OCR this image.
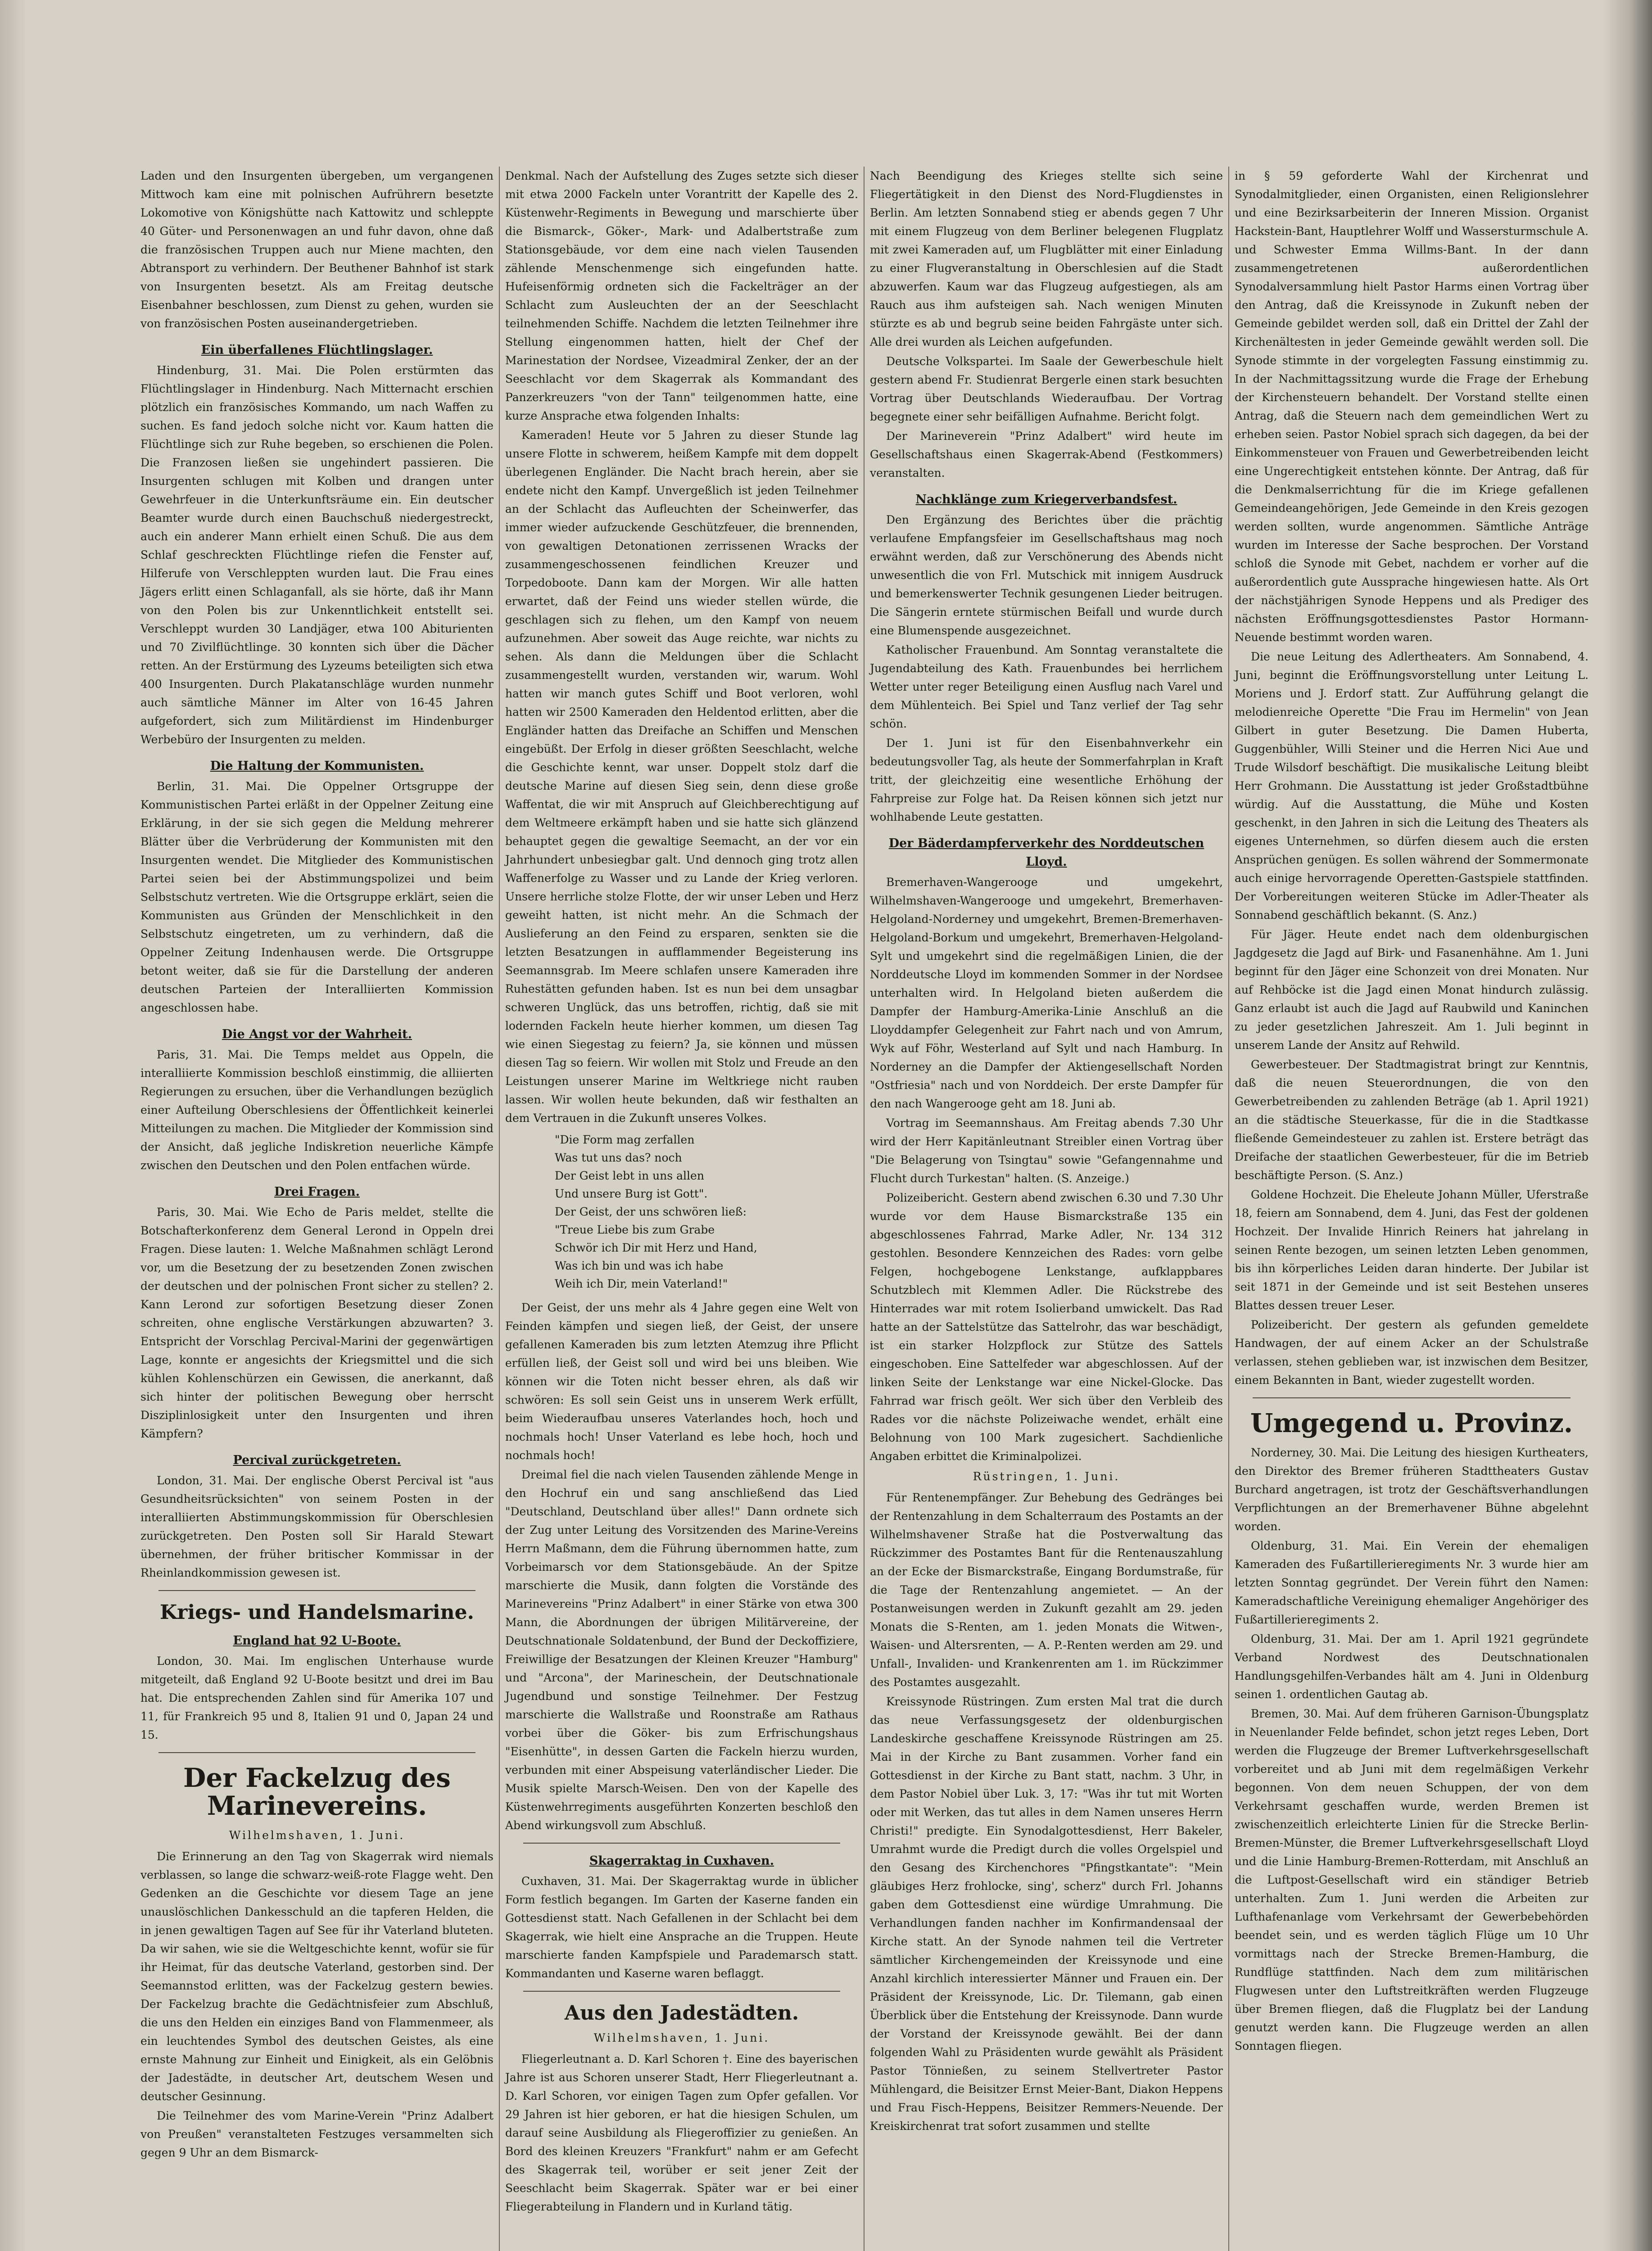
Laden und den Insurgenten übergeben, um vergangenen Mittwoch kam eine mit polnischen Aufrührern besetzte Lokomotive von Königshütte nach Kattowitz und schleppte 40 Güter- und Personenwagen an und fuhr davon, ohne daß die französischen Truppen auch nur Miene machten, den Abtransport zu verhindern. Der Beuthener Bahnhof ist stark von Insurgenten besetzt. Als am Freitag deutsche Eisenbahner beschlossen, zum Dienst zu gehen, wurden sie von französischen Posten auseinandergetrieben.

Ein überfallenes Flüchtlingslager.

Hindenburg, 31. Mai. Die Polen erstürmten das Flüchtlingslager in Hindenburg. Nach Mitternacht erschien plötzlich ein französisches Kommando, um nach Waffen zu suchen. Es fand jedoch solche nicht vor. Kaum hatten die Flüchtlinge sich zur Ruhe begeben, so erschienen die Polen. Die Franzosen ließen sie ungehindert passieren. Die Insurgenten schlugen mit Kolben und drangen unter Gewehrfeuer in die Unterkunftsräume ein. Ein deutscher Beamter wurde durch einen Bauchschuß niedergestreckt, auch ein anderer Mann erhielt einen Schuß. Die aus dem Schlaf geschreckten Flüchtlinge riefen die Fenster auf, Hilferufe von Verschleppten wurden laut. Die Frau eines Jägers erlitt einen Schlaganfall, als sie hörte, daß ihr Mann von den Polen bis zur Unkenntlichkeit entstellt sei. Verschleppt wurden 30 Landjäger, etwa 100 Abiturienten und 70 Zivilflüchtlinge. 30 konnten sich über die Dächer retten. An der Erstürmung des Lyzeums beteiligten sich etwa 400 Insurgenten. Durch Plakatanschläge wurden nunmehr auch sämtliche Männer im Alter von 16-45 Jahren aufgefordert, sich zum Militärdienst im Hindenburger Werbebüro der Insurgenten zu melden.

Die Haltung der Kommunisten.

Berlin, 31. Mai. Die Oppelner Ortsgruppe der Kommunistischen Partei erläßt in der Oppelner Zeitung eine Erklärung, in der sie sich gegen die Meldung mehrerer Blätter über die Verbrüderung der Kommunisten mit den Insurgenten wendet. Die Mitglieder des Kommunistischen Partei seien bei der Abstimmungspolizei und beim Selbstschutz vertreten. Wie die Ortsgruppe erklärt, seien die Kommunisten aus Gründen der Menschlichkeit in den Selbstschutz eingetreten, um zu verhindern, daß die Oppelner Zeitung Indenhausen werde. Die Ortsgruppe betont weiter, daß sie für die Darstellung der anderen deutschen Parteien der Interalliierten Kommission angeschlossen habe.

Die Angst vor der Wahrheit.

Paris, 31. Mai. Die Temps meldet aus Oppeln, die interalliierte Kommission beschloß einstimmig, die alliierten Regierungen zu ersuchen, über die Verhandlungen bezüglich einer Aufteilung Oberschlesiens der Öffentlichkeit keinerlei Mitteilungen zu machen. Die Mitglieder der Kommission sind der Ansicht, daß jegliche Indiskretion neuerliche Kämpfe zwischen den Deutschen und den Polen entfachen würde.

Drei Fragen.

Paris, 30. Mai. Wie Echo de Paris meldet, stellte die Botschafterkonferenz dem General Lerond in Oppeln drei Fragen. Diese lauten: 1. Welche Maßnahmen schlägt Lerond vor, um die Besetzung der zu besetzenden Zonen zwischen der deutschen und der polnischen Front sicher zu stellen? 2. Kann Lerond zur sofortigen Besetzung dieser Zonen schreiten, ohne englische Verstärkungen abzuwarten? 3. Entspricht der Vorschlag Percival-Marini der gegenwärtigen Lage, konnte er angesichts der Kriegsmittel und die sich kühlen Kohlenschürzen ein Gewissen, die anerkannt, daß sich hinter der politischen Bewegung ober herrscht Disziplinlosigkeit unter den Insurgenten und ihren Kämpfern?

Percival zurückgetreten.

London, 31. Mai. Der englische Oberst Percival ist "aus Gesundheitsrücksichten" von seinem Posten in der interalliierten Abstimmungskommission für Oberschlesien zurückgetreten. Den Posten soll Sir Harald Stewart übernehmen, der früher britischer Kommissar in der Rheinlandkommission gewesen ist.

Kriegs- und Handelsmarine.
England hat 92 U-Boote.

London, 30. Mai. Im englischen Unterhause wurde mitgeteilt, daß England 92 U-Boote besitzt und drei im Bau hat. Die entsprechenden Zahlen sind für Amerika 107 und 11, für Frankreich 95 und 8, Italien 91 und 0, Japan 24 und 15.

Der Fackelzug des Marinevereins.
Wilhelmshaven, 1. Juni.

Die Erinnerung an den Tag von Skagerrak wird niemals verblassen, so lange die schwarz-weiß-rote Flagge weht. Den Gedenken an die Geschichte vor diesem Tage an jene unauslöschlichen Dankesschuld an die tapferen Helden, die in jenen gewaltigen Tagen auf See für ihr Vaterland bluteten. Da wir sahen, wie sie die Weltgeschichte kennt, wofür sie für ihr Heimat, für das deutsche Vaterland, gestorben sind. Der Seemannstod erlitten, was der Fackelzug gestern bewies. Der Fackelzug brachte die Gedächtnisfeier zum Abschluß, die uns den Helden ein einziges Band von Flammenmeer, als ein leuchtendes Symbol des deutschen Geistes, als eine ernste Mahnung zur Einheit und Einigkeit, als ein Gelöbnis der Jadestädte, in deutscher Art, deutschem Wesen und deutscher Gesinnung.

Die Teilnehmer des vom Marine-Verein "Prinz Adalbert von Preußen" veranstalteten Festzuges versammelten sich gegen 9 Uhr an dem Bismarck-

Denkmal. Nach der Aufstellung des Zuges setzte sich dieser mit etwa 2000 Fackeln unter Vorantritt der Kapelle des 2. Küstenwehr-Regiments in Bewegung und marschierte über die Bismarck-, Göker-, Mark- und Adalbertstraße zum Stationsgebäude, vor dem eine nach vielen Tausenden zählende Menschenmenge sich eingefunden hatte. Hufeisenförmig ordneten sich die Fackelträger an der Schlacht zum Ausleuchten der an der Seeschlacht teilnehmenden Schiffe. Nachdem die letzten Teilnehmer ihre Stellung eingenommen hatten, hielt der Chef der Marinestation der Nordsee, Vizeadmiral Zenker, der an der Seeschlacht vor dem Skagerrak als Kommandant des Panzerkreuzers "von der Tann" teilgenommen hatte, eine kurze Ansprache etwa folgenden Inhalts:

Kameraden! Heute vor 5 Jahren zu dieser Stunde lag unsere Flotte in schwerem, heißem Kampfe mit dem doppelt überlegenen Engländer. Die Nacht brach herein, aber sie endete nicht den Kampf. Unvergeßlich ist jeden Teilnehmer an der Schlacht das Aufleuchten der Scheinwerfer, das immer wieder aufzuckende Geschützfeuer, die brennenden, von gewaltigen Detonationen zerrissenen Wracks der zusammengeschossenen feindlichen Kreuzer und Torpedoboote. Dann kam der Morgen. Wir alle hatten erwartet, daß der Feind uns wieder stellen würde, die geschlagen sich zu flehen, um den Kampf von neuem aufzunehmen. Aber soweit das Auge reichte, war nichts zu sehen. Als dann die Meldungen über die Schlacht zusammengestellt wurden, verstanden wir, warum. Wohl hatten wir manch gutes Schiff und Boot verloren, wohl hatten wir 2500 Kameraden den Heldentod erlitten, aber die Engländer hatten das Dreifache an Schiffen und Menschen eingebüßt. Der Erfolg in dieser größten Seeschlacht, welche die Geschichte kennt, war unser. Doppelt stolz darf die deutsche Marine auf diesen Sieg sein, denn diese große Waffentat, die wir mit Anspruch auf Gleichberechtigung auf dem Weltmeere erkämpft haben und sie hatte sich glänzend behauptet gegen die gewaltige Seemacht, an der vor ein Jahrhundert unbesiegbar galt. Und dennoch ging trotz allen Waffenerfolge zu Wasser und zu Lande der Krieg verloren. Unsere herrliche stolze Flotte, der wir unser Leben und Herz geweiht hatten, ist nicht mehr. An die Schmach der Auslieferung an den Feind zu ersparen, senkten sie die letzten Besatzungen in aufflammender Begeisterung ins Seemannsgrab. Im Meere schlafen unsere Kameraden ihre Ruhestätten gefunden haben. Ist es nun bei dem unsagbar schweren Unglück, das uns betroffen, richtig, daß sie mit lodernden Fackeln heute hierher kommen, um diesen Tag wie einen Siegestag zu feiern? Ja, sie können und müssen diesen Tag so feiern. Wir wollen mit Stolz und Freude an den Leistungen unserer Marine im Weltkriege nicht rauben lassen. Wir wollen heute bekunden, daß wir festhalten an dem Vertrauen in die Zukunft unseres Volkes.

"Die Form mag zerfallen
Was tut uns das? noch
Der Geist lebt in uns allen
Und unsere Burg ist Gott".
Der Geist, der uns schwören ließ:
"Treue Liebe bis zum Grabe
Schwör ich Dir mit Herz und Hand,
Was ich bin und was ich habe
Weih ich Dir, mein Vaterland!"

Der Geist, der uns mehr als 4 Jahre gegen eine Welt von Feinden kämpfen und siegen ließ, der Geist, der unsere gefallenen Kameraden bis zum letzten Atemzug ihre Pflicht erfüllen ließ, der Geist soll und wird bei uns bleiben. Wie können wir die Toten nicht besser ehren, als daß wir schwören: Es soll sein Geist uns in unserem Werk erfüllt, beim Wiederaufbau unseres Vaterlandes hoch, hoch und nochmals hoch! Unser Vaterland es lebe hoch, hoch und nochmals hoch!

Dreimal fiel die nach vielen Tausenden zählende Menge in den Hochruf ein und sang anschließend das Lied "Deutschland, Deutschland über alles!" Dann ordnete sich der Zug unter Leitung des Vorsitzenden des Marine-Vereins Herrn Maßmann, dem die Führung übernommen hatte, zum Vorbeimarsch vor dem Stationsgebäude. An der Spitze marschierte die Musik, dann folgten die Vorstände des Marinevereins "Prinz Adalbert" in einer Stärke von etwa 300 Mann, die Abordnungen der übrigen Militärvereine, der Deutschnationale Soldatenbund, der Bund der Deckoffiziere, Freiwillige der Besatzungen der Kleinen Kreuzer "Hamburg" und "Arcona", der Marineschein, der Deutschnationale Jugendbund und sonstige Teilnehmer. Der Festzug marschierte die Wallstraße und Roonstraße am Rathaus vorbei über die Göker- bis zum Erfrischungshaus "Eisenhütte", in dessen Garten die Fackeln hierzu wurden, verbunden mit einer Abspeisung vaterländischer Lieder. Die Musik spielte Marsch-Weisen. Den von der Kapelle des Küstenwehrregiments ausgeführten Konzerten beschloß den Abend wirkungsvoll zum Abschluß.

Skagerraktag in Cuxhaven.

Cuxhaven, 31. Mai. Der Skagerraktag wurde in üblicher Form festlich begangen. Im Garten der Kaserne fanden ein Gottesdienst statt. Nach Gefallenen in der Schlacht bei dem Skagerrak, wie hielt eine Ansprache an die Truppen. Heute marschierte fanden Kampfspiele und Parademarsch statt. Kommandanten und Kaserne waren beflaggt.

Aus den Jadestädten.
Wilhelmshaven, 1. Juni.

Fliegerleutnant a. D. Karl Schoren †. Eine des bayerischen Jahre ist aus Schoren unserer Stadt, Herr Fliegerleutnant a. D. Karl Schoren, vor einigen Tagen zum Opfer gefallen. Vor 29 Jahren ist hier geboren, er hat die hiesigen Schulen, um darauf seine Ausbildung als Fliegeroffizier zu genießen. An Bord des kleinen Kreuzers "Frankfurt" nahm er am Gefecht des Skagerrak teil, worüber er seit jener Zeit der Seeschlacht beim Skagerrak. Später war er bei einer Fliegerabteilung in Flandern und in Kurland tätig.

Nach Beendigung des Krieges stellte sich seine Fliegertätigkeit in den Dienst des Nord-Flugdienstes in Berlin. Am letzten Sonnabend stieg er abends gegen 7 Uhr mit einem Flugzeug von dem Berliner belegenen Flugplatz mit zwei Kameraden auf, um Flugblätter mit einer Einladung zu einer Flugveranstaltung in Oberschlesien auf die Stadt abzuwerfen. Kaum war das Flugzeug aufgestiegen, als am Rauch aus ihm aufsteigen sah. Nach wenigen Minuten stürzte es ab und begrub seine beiden Fahrgäste unter sich. Alle drei wurden als Leichen aufgefunden.

Deutsche Volkspartei. Im Saale der Gewerbeschule hielt gestern abend Fr. Studienrat Bergerle einen stark besuchten Vortrag über Deutschlands Wiederaufbau. Der Vortrag begegnete einer sehr beifälligen Aufnahme. Bericht folgt.

Der Marineverein "Prinz Adalbert" wird heute im Gesellschaftshaus einen Skagerrak-Abend (Festkommers) veranstalten.

Nachklänge zum Kriegerverbandsfest.

Den Ergänzung des Berichtes über die prächtig verlaufene Empfangsfeier im Gesellschaftshaus mag noch erwähnt werden, daß zur Verschönerung des Abends nicht unwesentlich die von Frl. Mutschick mit innigem Ausdruck und bemerkenswerter Technik gesungenen Lieder beitrugen. Die Sängerin erntete stürmischen Beifall und wurde durch eine Blumenspende ausgezeichnet.

Katholischer Frauenbund. Am Sonntag veranstaltete die Jugendabteilung des Kath. Frauenbundes bei herrlichem Wetter unter reger Beteiligung einen Ausflug nach Varel und dem Mühlenteich. Bei Spiel und Tanz verlief der Tag sehr schön.

Der 1. Juni ist für den Eisenbahnverkehr ein bedeutungsvoller Tag, als heute der Sommerfahrplan in Kraft tritt, der gleichzeitig eine wesentliche Erhöhung der Fahrpreise zur Folge hat. Da Reisen können sich jetzt nur wohlhabende Leute gestatten.

Der Bäderdampferverkehr des Norddeutschen Lloyd.

Bremerhaven-Wangerooge und umgekehrt, Wilhelmshaven-Wangerooge und umgekehrt, Bremerhaven-Helgoland-Norderney und umgekehrt, Bremen-Bremerhaven-Helgoland-Borkum und umgekehrt, Bremerhaven-Helgoland-Sylt und umgekehrt sind die regelmäßigen Linien, die der Norddeutsche Lloyd im kommenden Sommer in der Nordsee unterhalten wird. In Helgoland bieten außerdem die Dampfer der Hamburg-Amerika-Linie Anschluß an die Lloyddampfer Gelegenheit zur Fahrt nach und von Amrum, Wyk auf Föhr, Westerland auf Sylt und nach Hamburg. In Norderney an die Dampfer der Aktiengesellschaft Norden "Ostfriesia" nach und von Norddeich. Der erste Dampfer für den nach Wangerooge geht am 18. Juni ab.

Vortrag im Seemannshaus. Am Freitag abends 7.30 Uhr wird der Herr Kapitänleutnant Streibler einen Vortrag über "Die Belagerung von Tsingtau" sowie "Gefangennahme und Flucht durch Turkestan" halten. (S. Anzeige.)

Polizeibericht. Gestern abend zwischen 6.30 und 7.30 Uhr wurde vor dem Hause Bismarckstraße 135 ein abgeschlossenes Fahrrad, Marke Adler, Nr. 134 312 gestohlen. Besondere Kennzeichen des Rades: vorn gelbe Felgen, hochgebogene Lenkstange, aufklappbares Schutzblech mit Klemmen Adler. Die Rückstrebe des Hinterrades war mit rotem Isolierband umwickelt. Das Rad hatte an der Sattelstütze das Sattelrohr, das war beschädigt, ist ein starker Holzpflock zur Stütze des Sattels eingeschoben. Eine Sattelfeder war abgeschlossen. Auf der linken Seite der Lenkstange war eine Nickel-Glocke. Das Fahrrad war frisch geölt. Wer sich über den Verbleib des Rades vor die nächste Polizeiwache wendet, erhält eine Belohnung von 100 Mark zugesichert. Sachdienliche Angaben erbittet die Kriminalpolizei.

Rüstringen, 1. Juni.

Für Rentenempfänger. Zur Behebung des Gedränges bei der Rentenzahlung in dem Schalterraum des Postamts an der Wilhelmshavener Straße hat die Postverwaltung das Rückzimmer des Postamtes Bant für die Rentenauszahlung an der Ecke der Bismarckstraße, Eingang Bordumstraße, für die Tage der Rentenzahlung angemietet. — An der Postanweisungen werden in Zukunft gezahlt am 29. jeden Monats die S-Renten, am 1. jeden Monats die Witwen-, Waisen- und Altersrenten, — A. P.-Renten werden am 29. und Unfall-, Invaliden- und Krankenrenten am 1. im Rückzimmer des Postamtes ausgezahlt.

Kreissynode Rüstringen. Zum ersten Mal trat die durch das neue Verfassungsgesetz der oldenburgischen Landeskirche geschaffene Kreissynode Rüstringen am 25. Mai in der Kirche zu Bant zusammen. Vorher fand ein Gottesdienst in der Kirche zu Bant statt, nachm. 3 Uhr, in dem Pastor Nobiel über Luk. 3, 17: "Was ihr tut mit Worten oder mit Werken, das tut alles in dem Namen unseres Herrn Christi!" predigte. Ein Synodalgottesdienst, Herr Bakeler, Umrahmt wurde die Predigt durch die volles Orgelspiel und den Gesang des Kirchenchores "Pfingstkantate": "Mein gläubiges Herz frohlocke, sing', scherz" durch Frl. Johanns gaben dem Gottesdienst eine würdige Umrahmung. Die Verhandlungen fanden nachher im Konfirmandensaal der Kirche statt. An der Synode nahmen teil die Vertreter sämtlicher Kirchengemeinden der Kreissynode und eine Anzahl kirchlich interessierter Männer und Frauen ein. Der Präsident der Kreissynode, Lic. Dr. Tilemann, gab einen Überblick über die Entstehung der Kreissynode. Dann wurde der Vorstand der Kreissynode gewählt. Bei der dann folgenden Wahl zu Präsidenten wurde gewählt als Präsident Pastor Tönnießen, zu seinem Stellvertreter Pastor Mühlengard, die Beisitzer Ernst Meier-Bant, Diakon Heppens und Frau Fisch-Heppens, Beisitzer Remmers-Neuende. Der Kreiskirchenrat trat sofort zusammen und stellte

in § 59 geforderte Wahl der Kirchenrat und Synodalmitglieder, einen Organisten, einen Religionslehrer und eine Bezirksarbeiterin der Inneren Mission. Organist Hackstein-Bant, Hauptlehrer Wolff und Wassersturmschule A. und Schwester Emma Willms-Bant. In der dann zusammengetretenen außerordentlichen Synodalversammlung hielt Pastor Harms einen Vortrag über den Antrag, daß die Kreissynode in Zukunft neben der Gemeinde gebildet werden soll, daß ein Drittel der Zahl der Kirchenältesten in jeder Gemeinde gewählt werden soll. Die Synode stimmte in der vorgelegten Fassung einstimmig zu. In der Nachmittagssitzung wurde die Frage der Erhebung der Kirchensteuern behandelt. Der Vorstand stellte einen Antrag, daß die Steuern nach dem gemeindlichen Wert zu erheben seien. Pastor Nobiel sprach sich dagegen, da bei der Einkommensteuer von Frauen und Gewerbetreibenden leicht eine Ungerechtigkeit entstehen könnte. Der Antrag, daß für die Denkmalserrichtung für die im Kriege gefallenen Gemeindeangehörigen, Jede Gemeinde in den Kreis gezogen werden sollten, wurde angenommen. Sämtliche Anträge wurden im Interesse der Sache besprochen. Der Vorstand schloß die Synode mit Gebet, nachdem er vorher auf die außerordentlich gute Aussprache hingewiesen hatte. Als Ort der nächstjährigen Synode Heppens und als Prediger des nächsten Eröffnungsgottesdienstes Pastor Hormann-Neuende bestimmt worden waren.

Die neue Leitung des Adlertheaters. Am Sonnabend, 4. Juni, beginnt die Eröffnungsvorstellung unter Leitung L. Moriens und J. Erdorf statt. Zur Aufführung gelangt die melodienreiche Operette "Die Frau im Hermelin" von Jean Gilbert in guter Besetzung. Die Damen Huberta, Guggenbühler, Willi Steiner und die Herren Nici Aue und Trude Wilsdorf beschäftigt. Die musikalische Leitung bleibt Herr Grohmann. Die Ausstattung ist jeder Großstadtbühne würdig. Auf die Ausstattung, die Mühe und Kosten geschenkt, in den Jahren in sich die Leitung des Theaters als eigenes Unternehmen, so dürfen diesem auch die ersten Ansprüchen genügen. Es sollen während der Sommermonate auch einige hervorragende Operetten-Gastspiele stattfinden. Der Vorbereitungen weiteren Stücke im Adler-Theater als Sonnabend geschäftlich bekannt. (S. Anz.)

Für Jäger. Heute endet nach dem oldenburgischen Jagdgesetz die Jagd auf Birk- und Fasanenhähne. Am 1. Juni beginnt für den Jäger eine Schonzeit von drei Monaten. Nur auf Rehböcke ist die Jagd einen Monat hindurch zulässig. Ganz erlaubt ist auch die Jagd auf Raubwild und Kaninchen zu jeder gesetzlichen Jahreszeit. Am 1. Juli beginnt in unserem Lande der Ansitz auf Rehwild.

Gewerbesteuer. Der Stadtmagistrat bringt zur Kenntnis, daß die neuen Steuerordnungen, die von den Gewerbetreibenden zu zahlenden Beträge (ab 1. April 1921) an die städtische Steuerkasse, für die in die Stadtkasse fließende Gemeindesteuer zu zahlen ist. Erstere beträgt das Dreifache der staatlichen Gewerbesteuer, für die im Betrieb beschäftigte Person. (S. Anz.)

Goldene Hochzeit. Die Eheleute Johann Müller, Uferstraße 18, feiern am Sonnabend, dem 4. Juni, das Fest der goldenen Hochzeit. Der Invalide Hinrich Reiners hat jahrelang in seinen Rente bezogen, um seinen letzten Leben genommen, bis ihn körperliches Leiden daran hinderte. Der Jubilar ist seit 1871 in der Gemeinde und ist seit Bestehen unseres Blattes dessen treuer Leser.

Polizeibericht. Der gestern als gefunden gemeldete Handwagen, der auf einem Acker an der Schulstraße verlassen, stehen geblieben war, ist inzwischen dem Besitzer, einem Bekannten in Bant, wieder zugestellt worden.

Umgegend u. Provinz.

Norderney, 30. Mai. Die Leitung des hiesigen Kurtheaters, den Direktor des Bremer früheren Stadttheaters Gustav Burchard angetragen, ist trotz der Geschäftsverhandlungen Verpflichtungen an der Bremerhavener Bühne abgelehnt worden.

Oldenburg, 31. Mai. Ein Verein der ehemaligen Kameraden des Fußartillerieregiments Nr. 3 wurde hier am letzten Sonntag gegründet. Der Verein führt den Namen: Kameradschaftliche Vereinigung ehemaliger Angehöriger des Fußartillerieregiments 2.

Oldenburg, 31. Mai. Der am 1. April 1921 gegründete Verband Nordwest des Deutschnationalen Handlungsgehilfen-Verbandes hält am 4. Juni in Oldenburg seinen 1. ordentlichen Gautag ab.

Bremen, 30. Mai. Auf dem früheren Garnison-Übungsplatz in Neuenlander Felde befindet, schon jetzt reges Leben, Dort werden die Flugzeuge der Bremer Luftverkehrsgesellschaft vorbereitet und ab Juni mit dem regelmäßigen Verkehr begonnen. Von dem neuen Schuppen, der von dem Verkehrsamt geschaffen wurde, werden Bremen ist zwischenzeitlich erleichterte Linien für die Strecke Berlin-Bremen-Münster, die Bremer Luftverkehrsgesellschaft Lloyd und die Linie Hamburg-Bremen-Rotterdam, mit Anschluß an die Luftpost-Gesellschaft wird ein ständiger Betrieb unterhalten. Zum 1. Juni werden die Arbeiten zur Lufthafenanlage vom Verkehrsamt der Gewerbebehörden beendet sein, und es werden täglich Flüge um 10 Uhr vormittags nach der Strecke Bremen-Hamburg, die Rundflüge stattfinden. Nach dem zum militärischen Flugwesen unter den Luftstreitkräften werden Flugzeuge über Bremen fliegen, daß die Flugplatz bei der Landung genutzt werden kann. Die Flugzeuge werden an allen Sonntagen fliegen.
